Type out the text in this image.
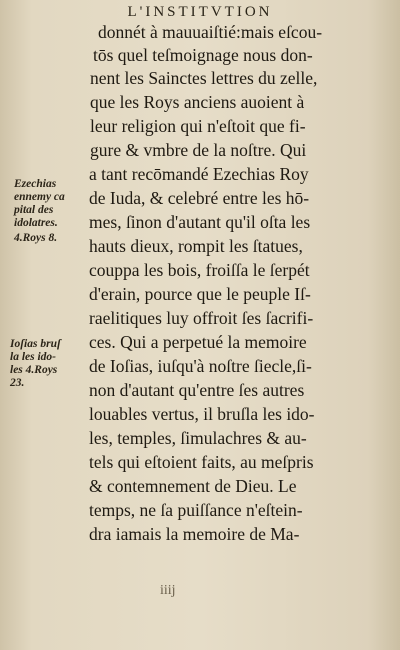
L'INSTITVTION
donnét à mauuaiſtié:mais eſcou-
tōs quel teſmoignage nous don-
nent les Sainctes lettres du zelle,
que les Roys anciens auoient à
leur religion qui n'eſtoit que fi-
gure & vmbre de la noſtre. Qui
a tant recōmandé Ezechias Roy
de Iuda, & celebré entre les hō-
mes, ſinon d'autant qu'il oſta les
hauts dieux, rompit les ſtatues,
couppa les bois, froiſſa le ſerpét
d'erain, pource que le peuple Iſ-
raelitiques luy offroit ſes ſacrifi-
ces. Qui a perpetué la memoire
de Ioſias, iuſqu'à noſtre ſiecle,ſi-
non d'autant qu'entre ſes autres
louables vertus, il bruſla les ido-
les, temples, ſimulachres & au-
tels qui eſtoient faits, au meſpris
& contemnement de Dieu. Le
temps, ne ſa puiſſance n'eſtein-
dra iamais la memoire de Ma-
Ezechias
ennemy ca
pital des
idolatres.
4.Roys 8.
Ioſias bruſ
la les ido-
les 4.Roys
23.
iiij
